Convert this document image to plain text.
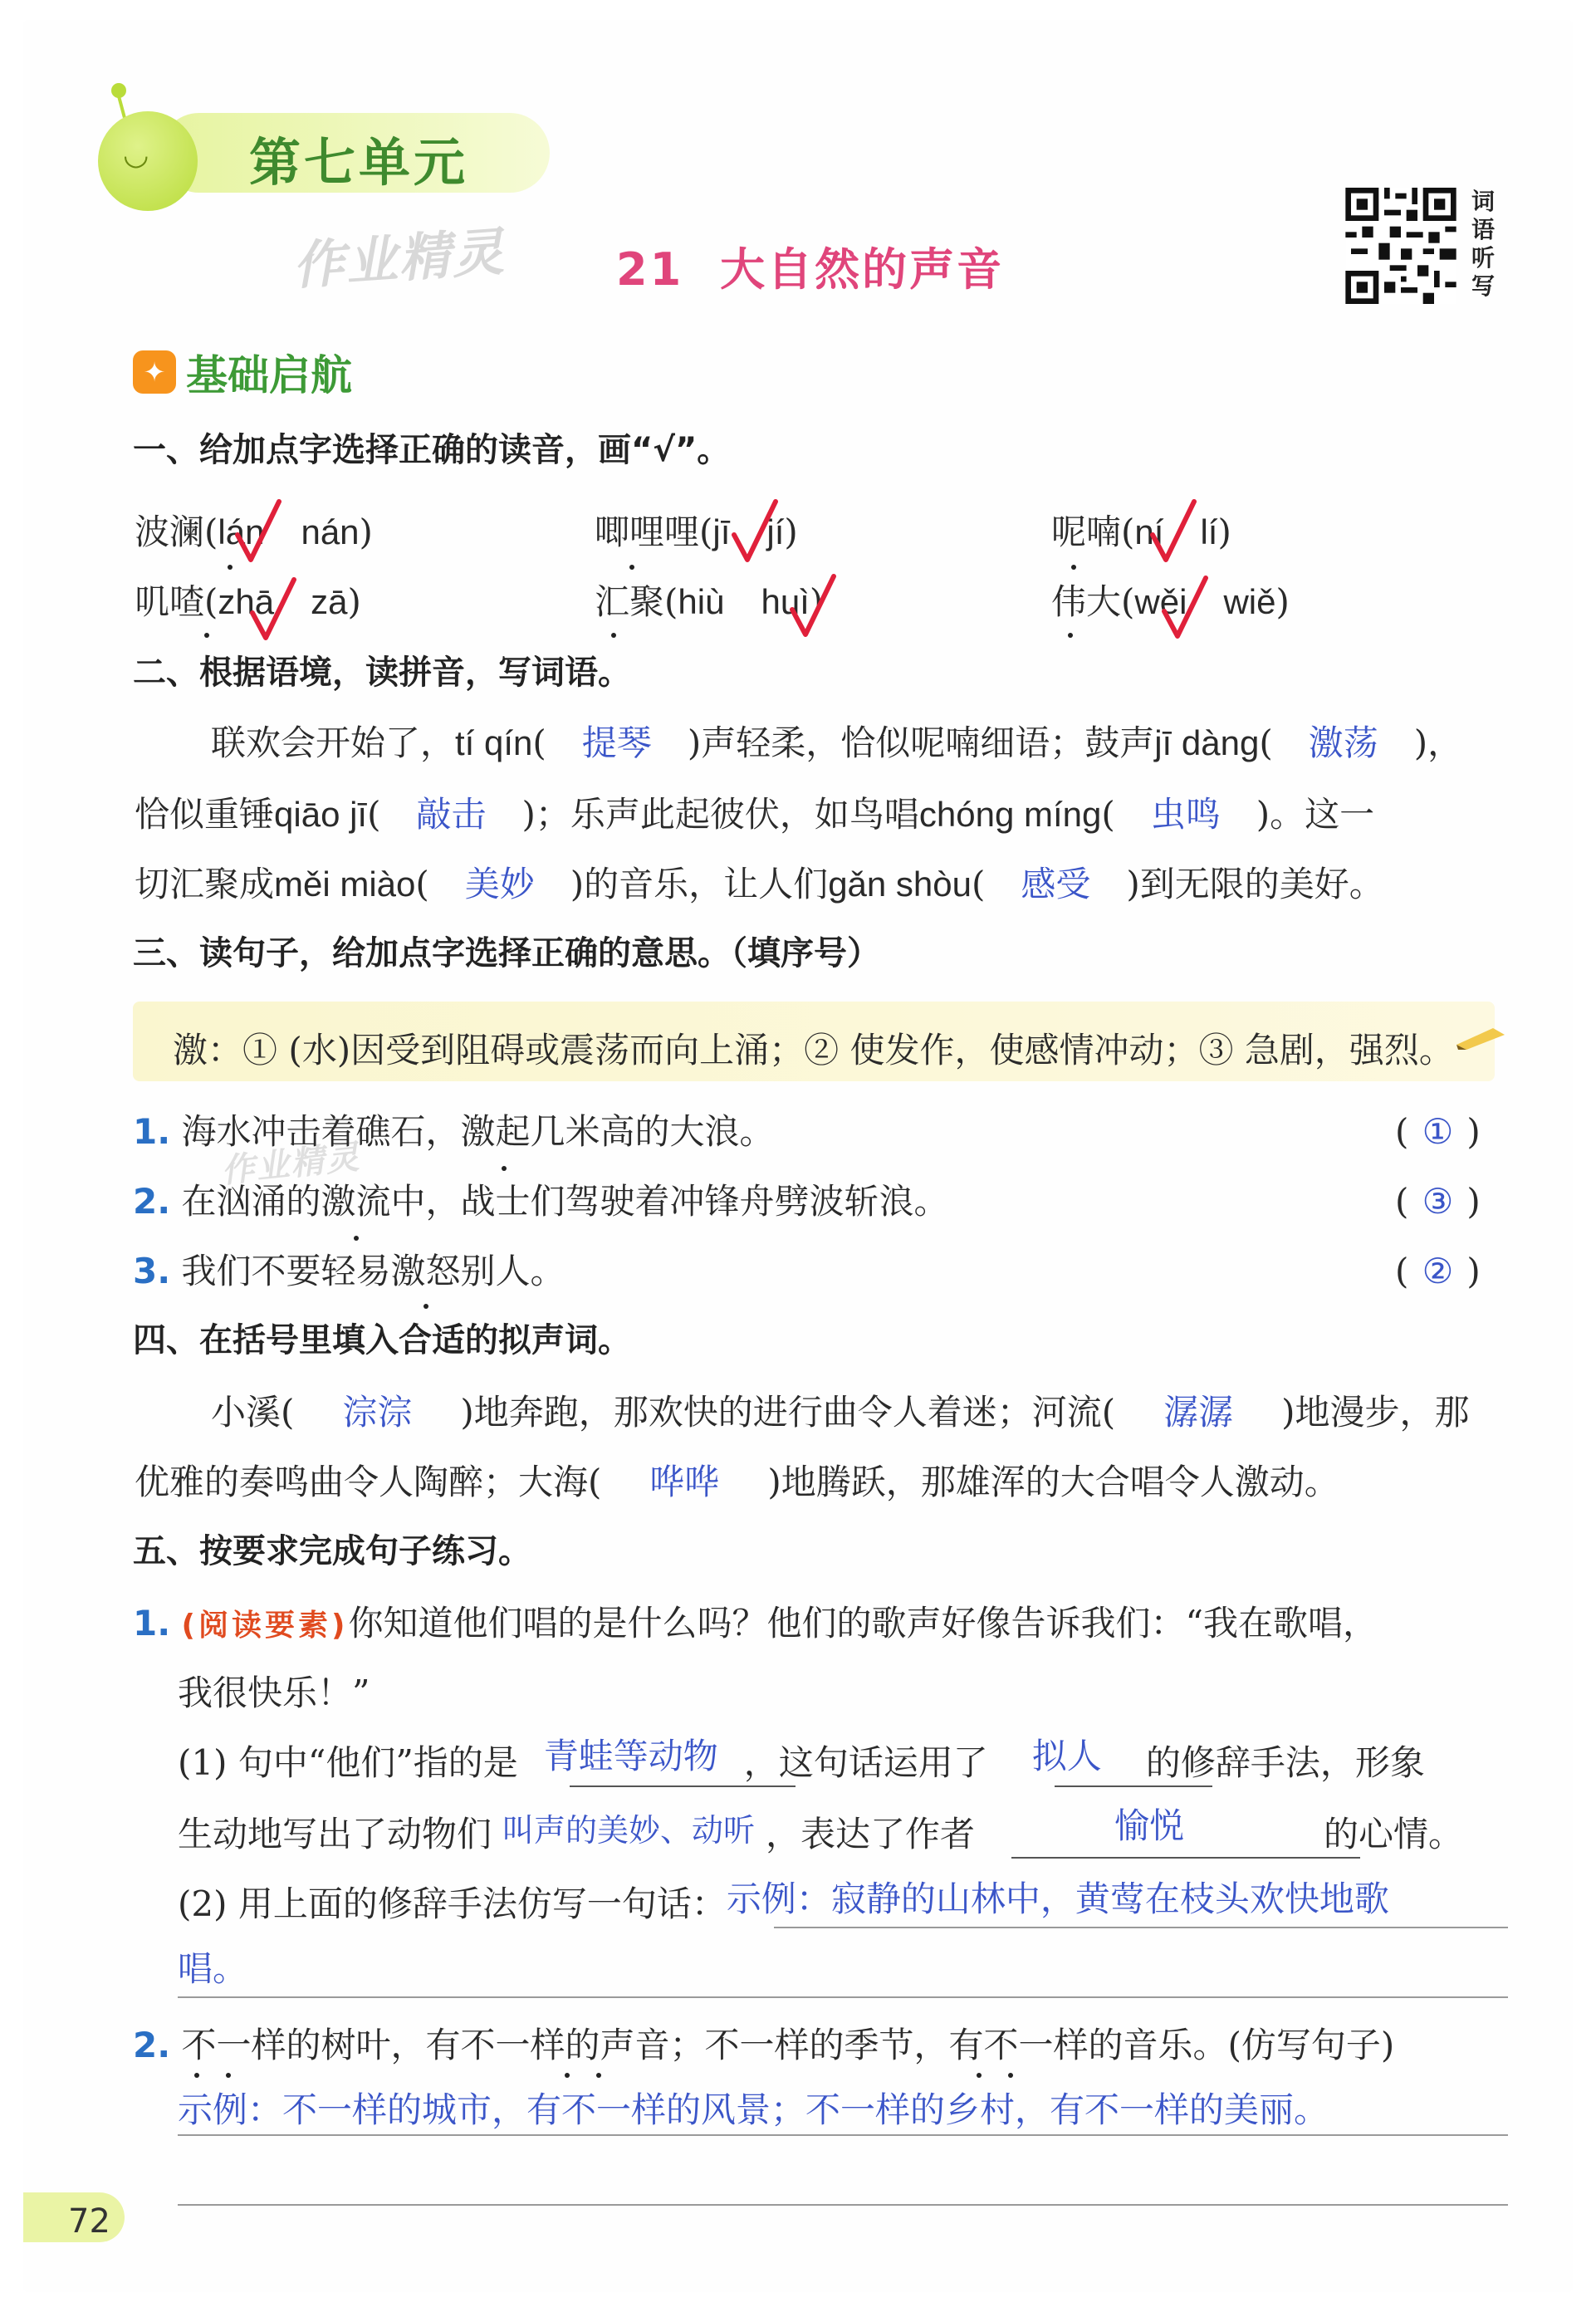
◡ 第七单元
作业精灵
作业精灵
21 大自然的声音
词
语
听
写
✦ 基础启航
一、给加点字选择正确的读音，画“√”。
波澜(lán nán)	唧哩哩(jī jí)	呢喃(ní lí)
叽喳(zhā zā)	汇聚(hiù huì)	伟大(wěi wiě)
二、根据语境，读拼音，写词语。
联欢会开始了，tí qín( 提琴 )声轻柔，恰似呢喃细语；鼓声jī dàng( 激荡 )，
恰似重锤qiāo jī( 敲击 )；乐声此起彼伏，如鸟唱chóng míng( 虫鸣 )。这一
切汇聚成měi miào( 美妙 )的音乐，让人们gǎn shòu( 感受 )到无限的美好。
三、读句子，给加点字选择正确的意思。（填序号）
激：① (水)因受到阻碍或震荡而向上涌；② 使发作，使感情冲动；③ 急剧，强烈。
1. 海水冲击着礁石，激起几米高的大浪。	( ① )
2. 在汹涌的激流中，战士们驾驶着冲锋舟劈波斩浪。	( ③ )
3. 我们不要轻易激怒别人。	( ② )
四、在括号里填入合适的拟声词。
小溪( 淙淙 )地奔跑，那欢快的进行曲令人着迷；河流( 潺潺 )地漫步，那
优雅的奏鸣曲令人陶醉；大海( 哗哗 )地腾跃，那雄浑的大合唱令人激动。
五、按要求完成句子练习。
1. (阅读要素)你知道他们唱的是什么吗？他们的歌声好像告诉我们：“我在歌唱，
我很快乐！”
(1) 句中“他们”指的是 青蛙等动物 ，这句话运用了 拟人 的修辞手法，形象
生动地写出了动物们 叫声的美妙、动听 ，表达了作者	愉悦	的心情。
(2) 用上面的修辞手法仿写一句话：示例：寂静的山林中，黄莺在枝头欢快地歌
唱。
2. 不一样的树叶，有不一样的声音；不一样的季节，有不一样的音乐。(仿写句子)
示例：不一样的城市，有不一样的风景；不一样的乡村，有不一样的美丽。
72
